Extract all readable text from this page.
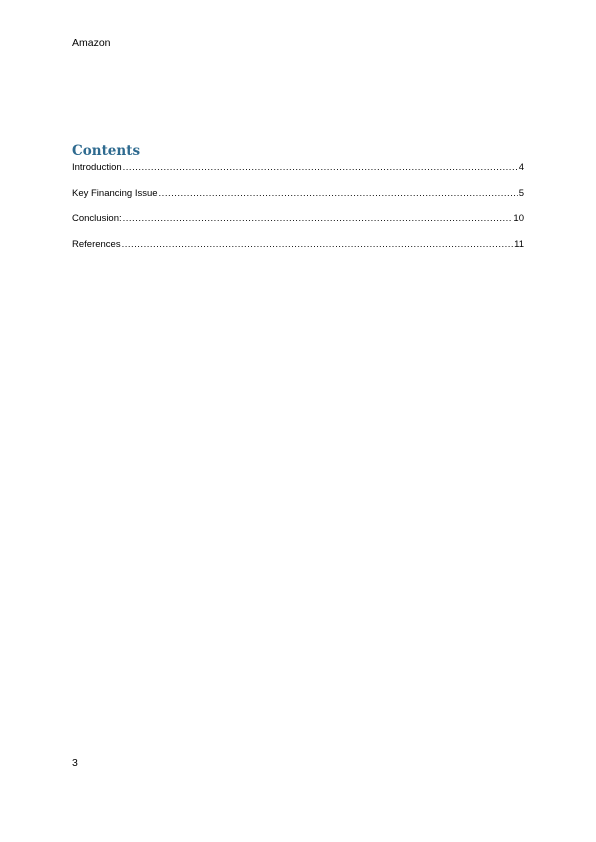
Amazon
Contents
Introduction .....	4
Key Financing Issue .....	5
Conclusion: .....	10
References .....	11
3
